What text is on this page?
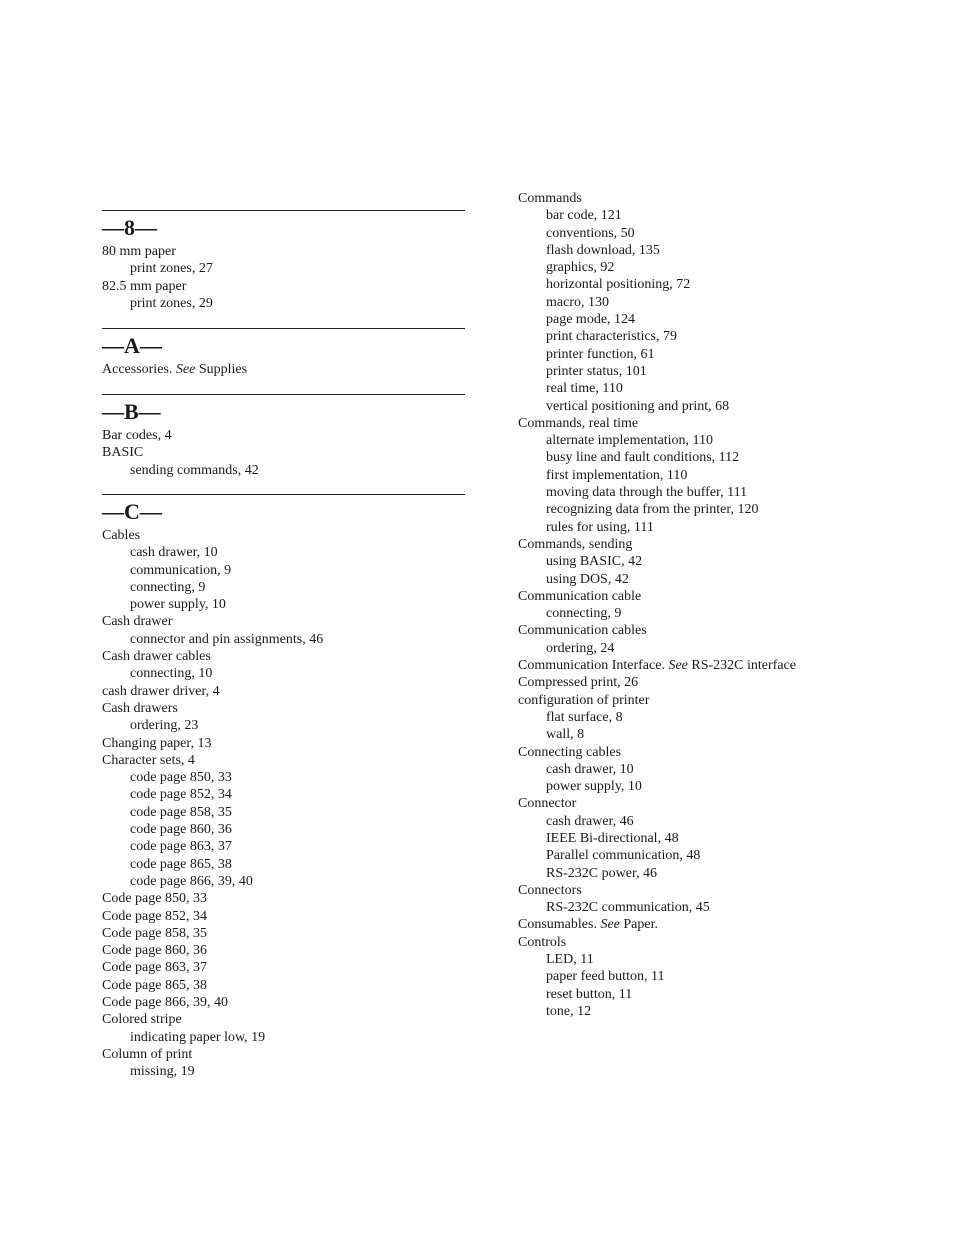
—8—
80 mm paper
print zones, 27
82.5 mm paper
print zones, 29
—A—
Accessories. See Supplies
—B—
Bar codes, 4
BASIC
sending commands, 42
—C—
Cables
cash drawer, 10
communication, 9
connecting, 9
power supply, 10
Cash drawer
connector and pin assignments, 46
Cash drawer cables
connecting, 10
cash drawer driver, 4
Cash drawers
ordering, 23
Changing paper, 13
Character sets, 4
code page 850, 33
code page 852, 34
code page 858, 35
code page 860, 36
code page 863, 37
code page 865, 38
code page 866, 39, 40
Code page 850, 33
Code page 852, 34
Code page 858, 35
Code page 860, 36
Code page 863, 37
Code page 865, 38
Code page 866, 39, 40
Colored stripe
indicating paper low, 19
Column of print
missing, 19
Commands
bar code, 121
conventions, 50
flash download, 135
graphics, 92
horizontal positioning, 72
macro, 130
page mode, 124
print characteristics, 79
printer function, 61
printer status, 101
real time, 110
vertical positioning and print, 68
Commands, real time
alternate implementation, 110
busy line and fault conditions, 112
first implementation, 110
moving data through the buffer, 111
recognizing data from the printer, 120
rules for using, 111
Commands, sending
using BASIC, 42
using DOS, 42
Communication cable
connecting, 9
Communication cables
ordering, 24
Communication Interface. See RS-232C interface
Compressed print, 26
configuration of printer
flat surface, 8
wall, 8
Connecting cables
cash drawer, 10
power supply, 10
Connector
cash drawer, 46
IEEE Bi-directional, 48
Parallel communication, 48
RS-232C power, 46
Connectors
RS-232C communication, 45
Consumables. See Paper.
Controls
LED, 11
paper feed button, 11
reset button, 11
tone, 12
